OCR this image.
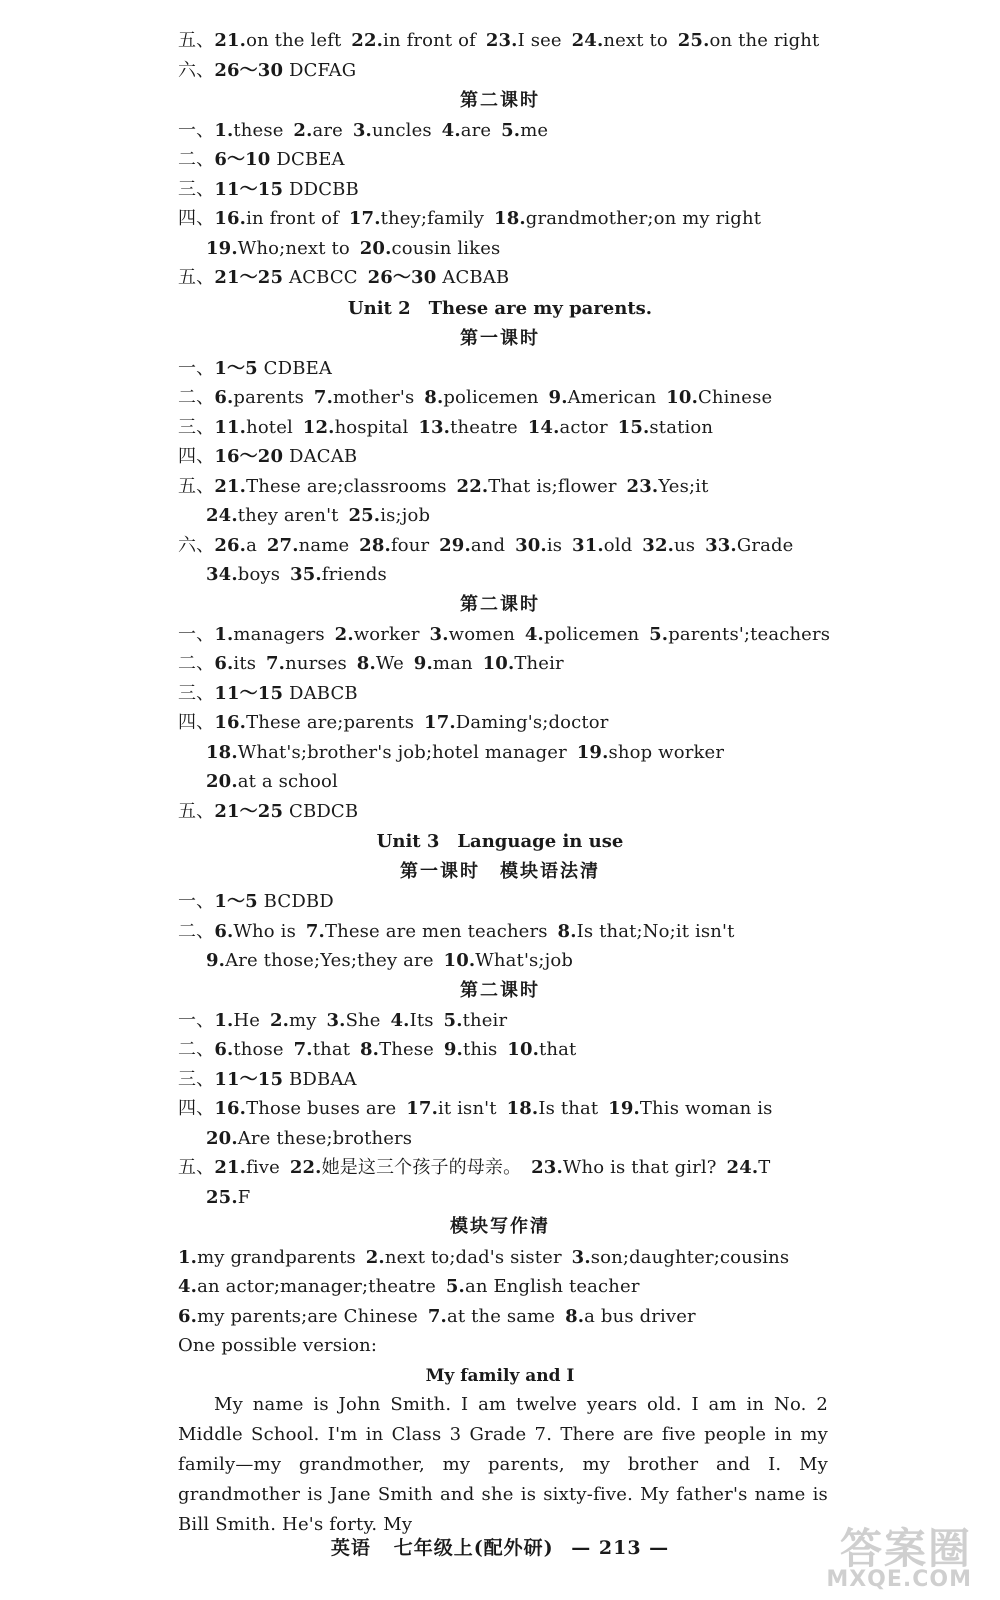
第二课时
Unit 2　These are my parents.
第一课时
第二课时
Unit 3　Language in use
第一课时　模块语法清
第二课时
模块写作清
My family and I
五、21.on the left 22.in front of 23.I see 24.next to 25.on the right
六、26～30 DCFAG
一、1.these 2.are 3.uncles 4.are 5.me
二、6～10 DCBEA
三、11～15 DDCBB
四、16.in front of 17.they;family 18.grandmother;on my right
19.Who;next to 20.cousin likes
五、21～25 ACBCC 26～30 ACBAB
一、1～5 CDBEA
二、6.parents 7.mother's 8.policemen 9.American 10.Chinese
三、11.hotel 12.hospital 13.theatre 14.actor 15.station
四、16～20 DACAB
五、21.These are;classrooms 22.That is;flower 23.Yes;it
24.they aren't 25.is;job
六、26.a 27.name 28.four 29.and 30.is 31.old 32.us 33.Grade
34.boys 35.friends
一、1.managers 2.worker 3.women 4.policemen 5.parents';teachers
二、6.its 7.nurses 8.We 9.man 10.Their
三、11～15 DABCB
四、16.These are;parents 17.Daming's;doctor
18.What's;brother's job;hotel manager 19.shop worker
20.at a school
五、21～25 CBDCB
一、1～5 BCDBD
二、6.Who is 7.These are men teachers 8.Is that;No;it isn't
9.Are those;Yes;they are 10.What's;job
一、1.He 2.my 3.She 4.Its 5.their
二、6.those 7.that 8.These 9.this 10.that
三、11～15 BDBAA
四、16.Those buses are 17.it isn't 18.Is that 19.This woman is
20.Are these;brothers
五、21.five 22.她是这三个孩子的母亲。 23.Who is that girl? 24.T
25.F
1.my grandparents 2.next to;dad's sister 3.son;daughter;cousins
4.an actor;manager;theatre 5.an English teacher
6.my parents;are Chinese 7.at the same 8.a bus driver
One possible version:
My name is John Smith. I am twelve years old. I am in No. 2 Middle School. I'm in Class 3 Grade 7. There are five people in my family—my grandmother, my parents, my brother and I. My grandmother is Jane Smith and she is sixty-five. My father's name is Bill Smith. He's forty. My
英语 七年级上(配外研) — 213 —	答案圈
MXQE.COM
